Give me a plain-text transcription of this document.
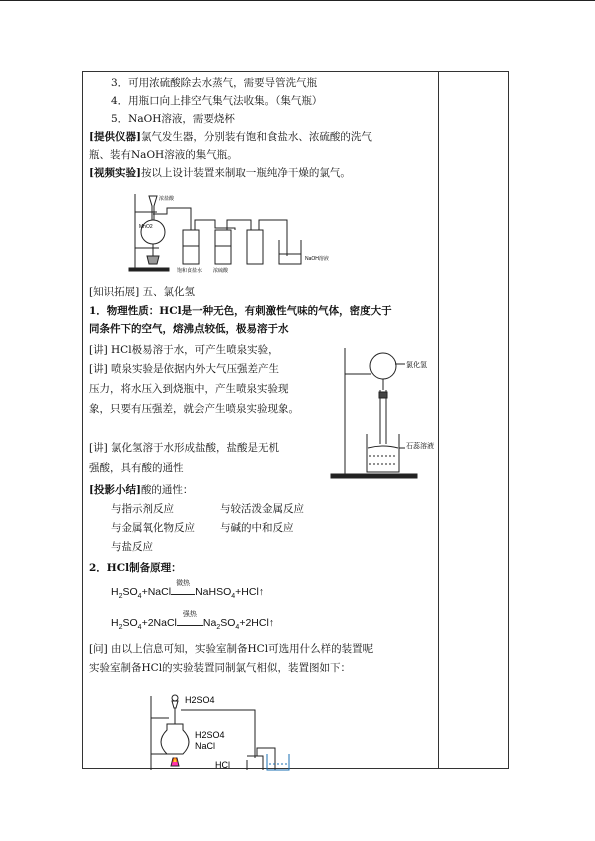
3．可用浓硫酸除去水蒸气，需要导管洗气瓶
4．用瓶口向上排空气集气法收集。（集气瓶）
5．NaOH溶液，需要烧杯
[提供仪器]氯气发生器，分别装有饱和食盐水、浓硫酸的洗气
瓶、装有NaOH溶液的集气瓶。
[视频实验]按以上设计装置来制取一瓶纯净干燥的氯气。
浓盐酸
MnO2
饱和食盐水 浓硫酸
NaOH溶液
[知识拓展] 五、氯化氢
1．物理性质：HCl是一种无色，有刺激性气味的气体，密度大于
同条件下的空气，熔沸点较低，极易溶于水
[讲] HCl极易溶于水，可产生喷泉实验，
[讲] 喷泉实验是依据内外大气压强差产生
压力，将水压入到烧瓶中，产生喷泉实验现
象，只要有压强差，就会产生喷泉实验现象。
[讲] 氯化氢溶于水形成盐酸，盐酸是无机
强酸，具有酸的通性
氯化氢
石蕊溶液
[投影小结]酸的通性：
与指示剂反应	与较活泼金属反应
与金属氧化物反应 与碱的中和反应
与盐反应
2．HCl制备原理：
$H_2SO_4+NaCl$
微热
NaHSO$_4$+HCl↑
$H_2SO_4+2NaCl$
强热
$Na_2SO_4+2HCl↑$
[问] 由以上信息可知，实验室制备HCl可选用什么样的装置呢
实验室制备HCl的实验装置同制氯气相似，装置图如下：
H2SO4
H2SO4
NaCl
HCl
